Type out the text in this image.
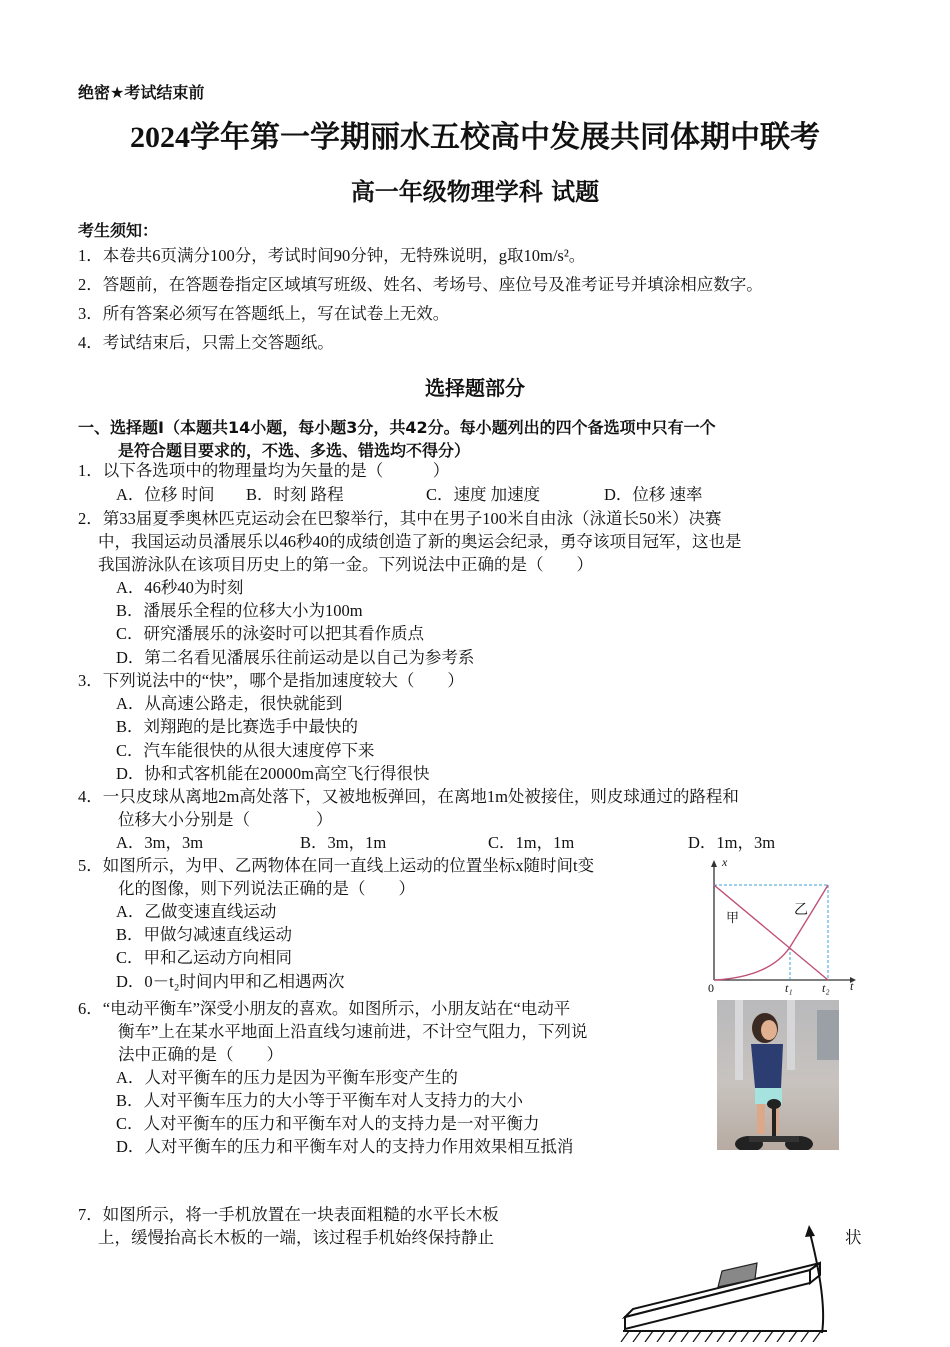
绝密★考试结束前
2024学年第一学期丽水五校高中发展共同体期中联考
高一年级物理学科 试题
考生须知：
1．本卷共6页满分100分，考试时间90分钟，无特殊说明，g取10m/s²。
2．答题前，在答题卷指定区域填写班级、姓名、考场号、座位号及准考证号并填涂相应数字。
3．所有答案必须写在答题纸上，写在试卷上无效。
4．考试结束后，只需上交答题纸。
选择题部分
一、选择题Ⅰ（本题共14小题，每小题3分，共42分。每小题列出的四个备选项中只有一个
是符合题目要求的，不选、多选、错选均不得分）
1．以下各选项中的物理量均为矢量的是（　　　）
A．位移 时间 B．时刻 路程	C．速度 加速度	D．位移 速率
2．第33届夏季奥林匹克运动会在巴黎举行，其中在男子100米自由泳（泳道长50米）决赛
中，我国运动员潘展乐以46秒40的成绩创造了新的奥运会纪录，勇夺该项目冠军，这也是
我国游泳队在该项目历史上的第一金。下列说法中正确的是（　　）
A．46秒40为时刻
B．潘展乐全程的位移大小为100m
C．研究潘展乐的泳姿时可以把其看作质点
D．第二名看见潘展乐往前运动是以自己为参考系
3．下列说法中的“快”，哪个是指加速度较大（　　）
A．从高速公路走，很快就能到
B．刘翔跑的是比赛选手中最快的
C．汽车能很快的从很大速度停下来
D．协和式客机能在20000m高空飞行得很快
4．一只皮球从离地2m高处落下，又被地板弹回，在离地1m处被接住，则皮球通过的路程和
位移大小分别是（　　　　）
A．3m，3m	B．3m，1m	C．1m，1m	D．1m，3m
5．如图所示，为甲、乙两物体在同一直线上运动的位置坐标x随时间t变
化的图像，则下列说法正确的是（　　）
A．乙做变速直线运动
B．甲做匀减速直线运动
C．甲和乙运动方向相同
D．0－t₂时间内甲和乙相遇两次
x
t
0	t₁ t₂
甲
乙
6．“电动平衡车”深受小朋友的喜欢。如图所示，小朋友站在“电动平
衡车”上在某水平地面上沿直线匀速前进，不计空气阻力，下列说
法中正确的是（　　）
A．人对平衡车的压力是因为平衡车形变产生的
B．人对平衡车压力的大小等于平衡车对人支持力的大小
C．人对平衡车的压力和平衡车对人的支持力是一对平衡力
D．人对平衡车的压力和平衡车对人的支持力作用效果相互抵消
7．如图所示，将一手机放置在一块表面粗糙的水平长木板
上，缓慢抬高长木板的一端，该过程手机始终保持静止	状
